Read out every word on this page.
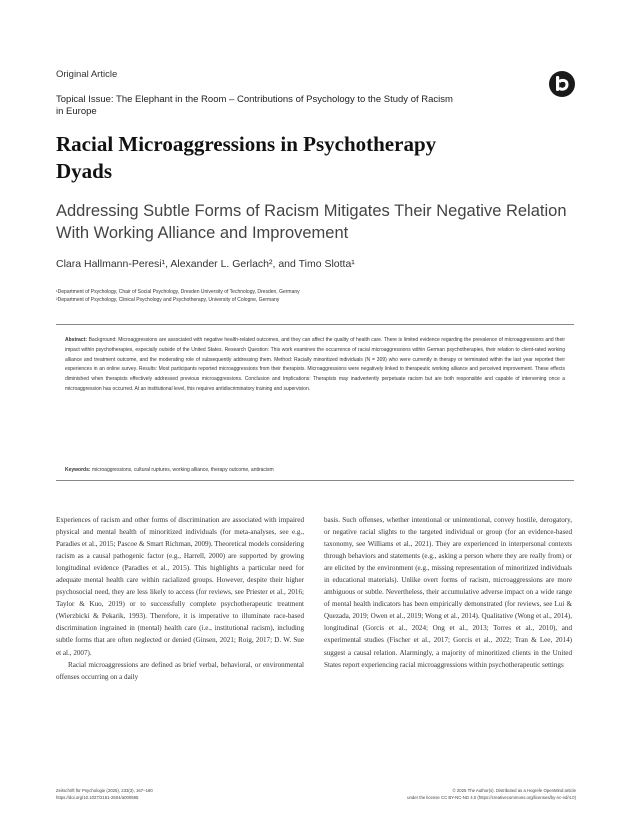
Original Article
Topical Issue: The Elephant in the Room – Contributions of Psychology to the Study of Racism in Europe
Racial Microaggressions in Psychotherapy Dyads
Addressing Subtle Forms of Racism Mitigates Their Negative Relation With Working Alliance and Improvement
Clara Hallmann-Peresi¹, Alexander L. Gerlach², and Timo Slotta¹
¹Department of Psychology, Chair of Social Psychology, Dresden University of Technology, Dresden, Germany
²Department of Psychology, Clinical Psychology and Psychotherapy, University of Cologne, Germany
Abstract: Background: Microaggressions are associated with negative health-related outcomes, and they can affect the quality of health care. There is limited evidence regarding the prevalence of microaggressions and their impact within psychotherapies, especially outside of the United States. Research Question: This work examines the occurrence of racial microaggressions within German psychotherapies, their relation to client-rated working alliance and treatment outcome, and the moderating role of subsequently addressing them. Method: Racially minoritized individuals (N = 309) who were currently in therapy or terminated within the last year reported their experiences in an online survey. Results: Most participants reported microaggressions from their therapists. Microaggressions were negatively linked to therapeutic working alliance and perceived improvement. These effects diminished when therapists effectively addressed previous microaggressions. Conclusion and Implications: Therapists may inadvertently perpetuate racism but are both responsible and capable of intervening once a microaggression has occurred. At an institutional level, this requires antidiscriminatory training and supervision.
Keywords: microaggressions, cultural ruptures, working alliance, therapy outcome, antiracism

Experiences of racism and other forms of discrimination are associated with impaired physical and mental health of minoritized individuals (for meta-analyses, see e.g., Paradies et al., 2015; Pascoe & Smart Richman, 2009). Theoretical models considering racism as a causal pathogenic factor (e.g., Harrell, 2000) are supported by growing longitudinal evidence (Paradies et al., 2015). This highlights a particular need for adequate mental health care within racialized groups. However, despite their higher psychosocial need, they are less likely to access (for reviews, see Priester et al., 2016; Taylor & Kuo, 2019) or to successfully complete psychotherapeutic treatment (Wierzbicki & Pekarik, 1993). Therefore, it is imperative to illuminate race-based discrimination ingrained in (mental) health care (i.e., institutional racism), including subtle forms that are often neglected or denied (Ginsen, 2021; Roig, 2017; D. W. Sue et al., 2007).

Racial microaggressions are defined as brief verbal, behavioral, or environmental offenses occurring on a daily

basis. Such offenses, whether intentional or unintentional, convey hostile, derogatory, or negative racial slights to the targeted individual or group (for an evidence-based taxonomy, see Williams et al., 2021). They are experienced in interpersonal contexts through behaviors and statements (e.g., asking a person where they are really from) or are elicited by the environment (e.g., missing representation of minoritized individuals in educational materials). Unlike overt forms of racism, microaggressions are more ambiguous or subtle. Nevertheless, their accumulative adverse impact on a wide range of mental health indicators has been empirically demonstrated (for reviews, see Lui & Quezada, 2019; Owen et al., 2019; Wong et al., 2014). Qualitative (Wong et al., 2014), longitudinal (Gorcis et al., 2024; Ong et al., 2013; Torres et al., 2010), and experimental studies (Fischer et al., 2017; Gorcis et al., 2022; Tran & Lee, 2014) suggest a causal relation. Alarmingly, a majority of minoritized clients in the United States report experiencing racial microaggressions within psychotherapeutic settings

Zeitschrift für Psychologie (2025), 233(3), 167–180
https://doi.org/10.1027/2151-2604/a000595
© 2025 The Author(s). Distributed as a Hogrefe OpenMind article
under the license CC BY-NC-ND 4.0 (https://creativecommons.org/licenses/by-nc-nd/4.0)
